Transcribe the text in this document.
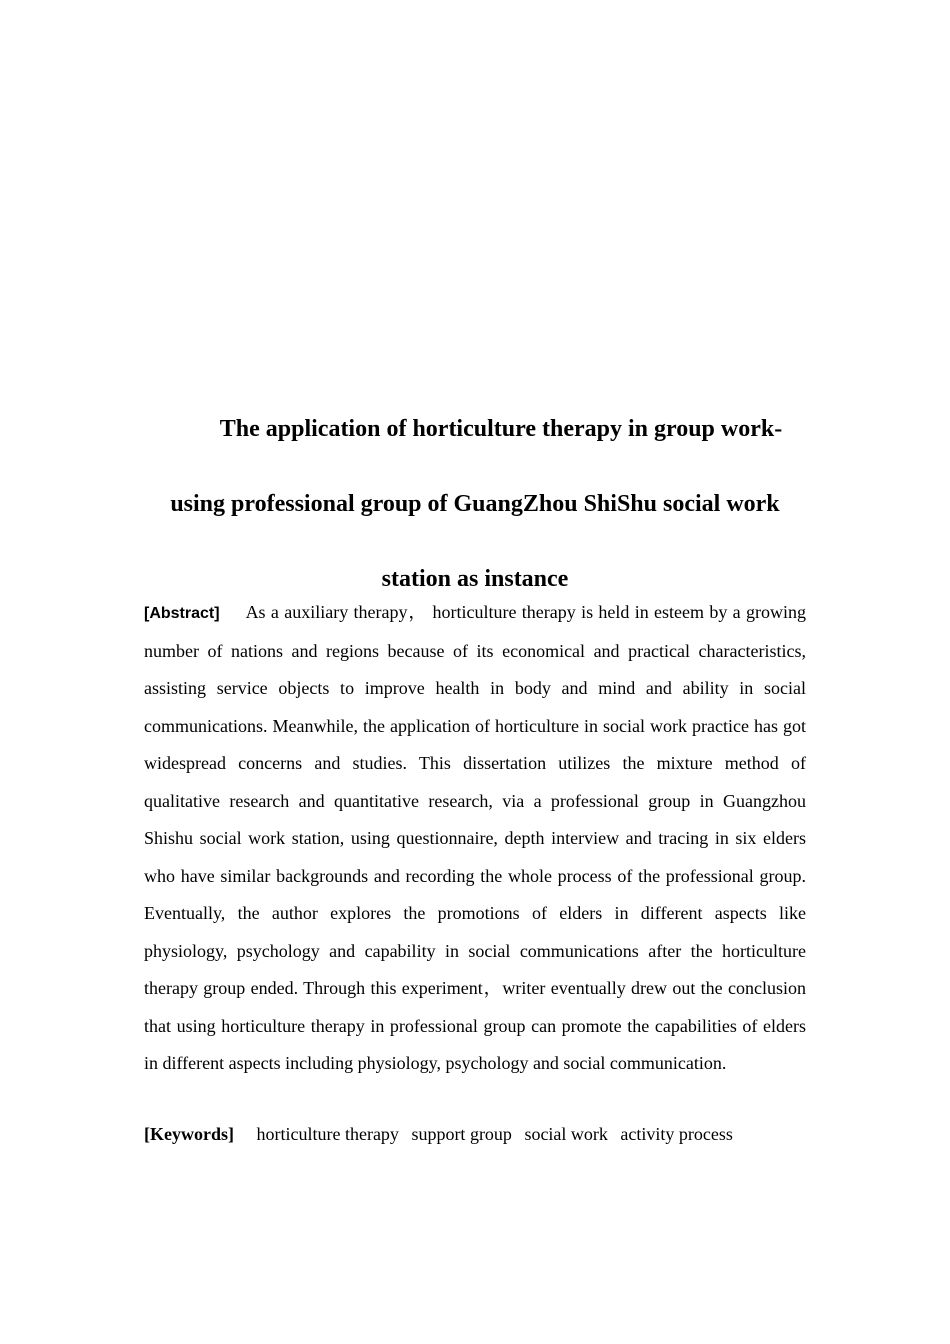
The application of horticulture therapy in group work-
using professional group of GuangZhou ShiShu social work
station as instance
[Abstract] As a auxiliary therapy， horticulture therapy is held in esteem by a growing number of nations and regions because of its economical and practical characteristics, assisting service objects to improve health in body and mind and ability in social communications. Meanwhile, the application of horticulture in social work practice has got widespread concerns and studies. This dissertation utilizes the mixture method of qualitative research and quantitative research, via a professional group in Guangzhou Shishu social work station, using questionnaire, depth interview and tracing in six elders who have similar backgrounds and recording the whole process of the professional group. Eventually, the author explores the promotions of elders in different aspects like physiology, psychology and capability in social communications after the horticulture therapy group ended. Through this experiment，writer eventually drew out the conclusion that using horticulture therapy in professional group can promote the capabilities of elders in different aspects including physiology, psychology and social communication.
[Keywords] horticulture therapy support group social work activity process
